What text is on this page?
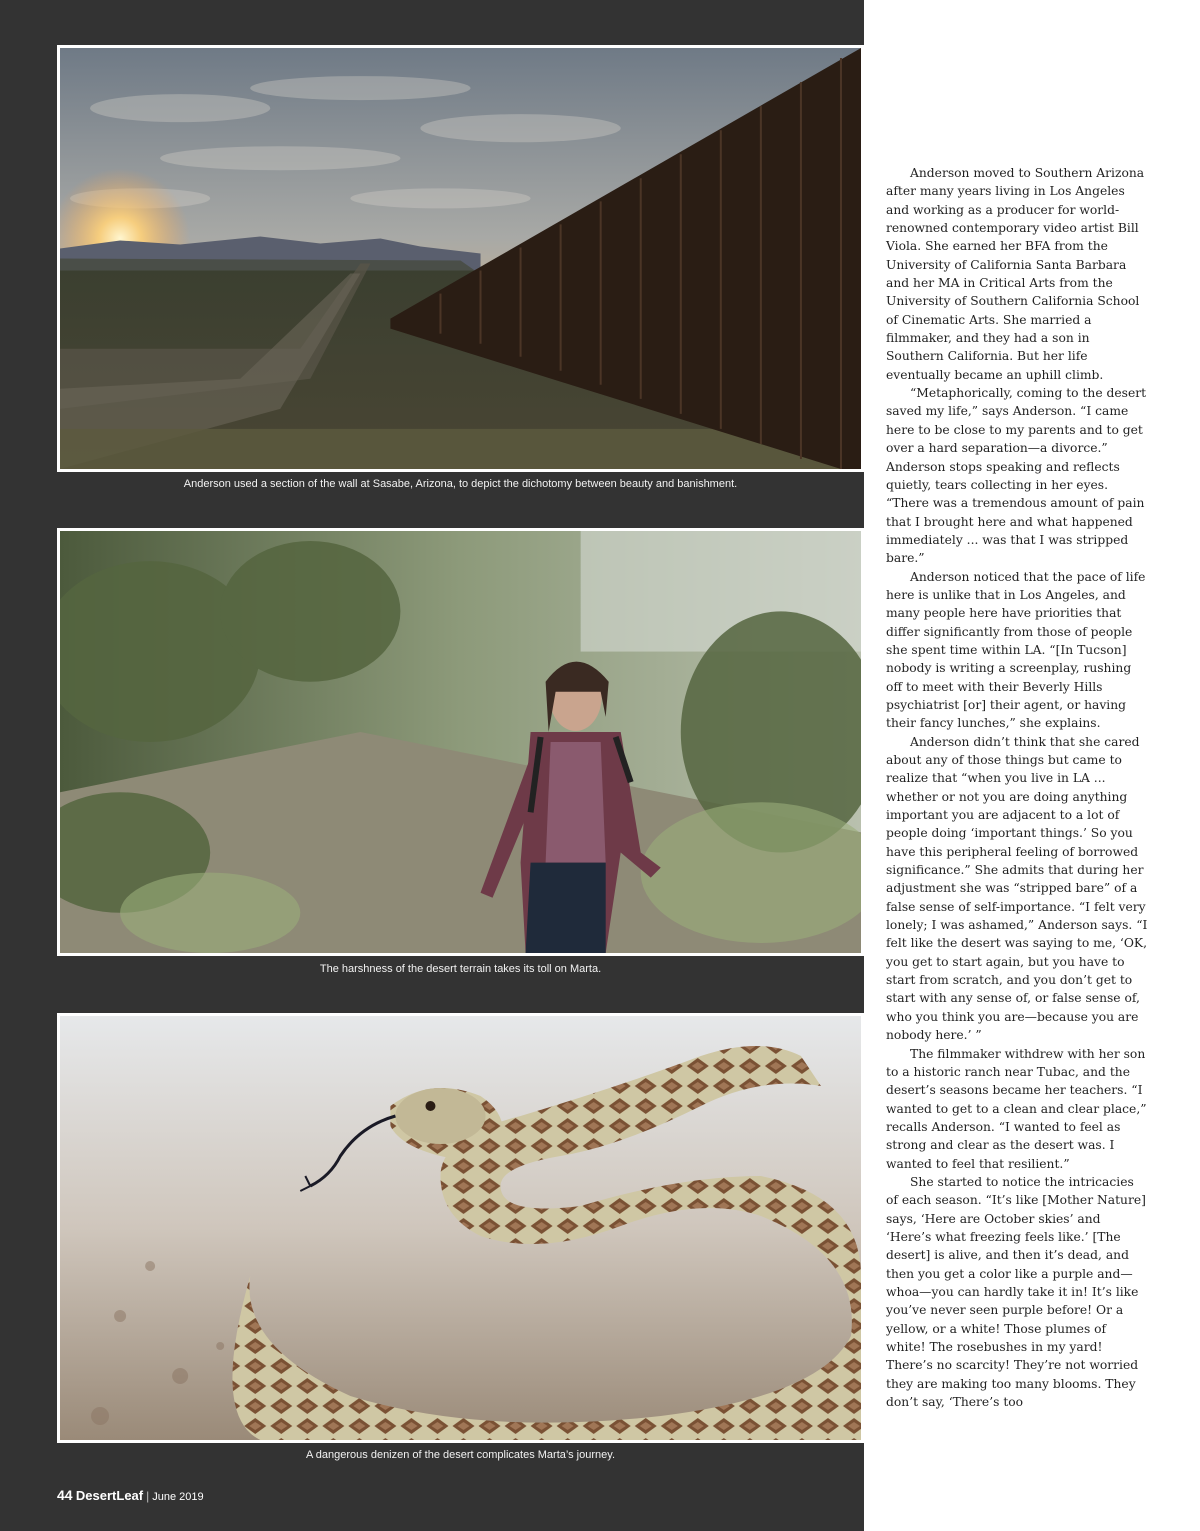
Anderson used a section of the wall at Sasabe, Arizona, to depict the dichotomy between beauty and banishment.
The harshness of the desert terrain takes its toll on Marta.
A dangerous denizen of the desert complicates Marta’s journey.
44 DesertLeaf | June 2019

Anderson moved to Southern Arizona after many years living in Los Angeles and working as a producer for world-renowned contemporary video artist Bill Viola. She earned her BFA from the University of California Santa Barbara and her MA in Critical Arts from the University of Southern California School of Cinematic Arts. She married a filmmaker, and they had a son in Southern California. But her life eventually became an uphill climb.

“Metaphorically, coming to the desert saved my life,” says Anderson. “I came here to be close to my parents and to get over a hard separation—a divorce.” Anderson stops speaking and reflects quietly, tears collecting in her eyes. “There was a tremendous amount of pain that I brought here and what happened immediately ... was that I was stripped bare.”

Anderson noticed that the pace of life here is unlike that in Los Angeles, and many people here have priorities that differ significantly from those of people she spent time within LA. “[In Tucson] nobody is writing a screenplay, rushing off to meet with their Beverly Hills psychiatrist [or] their agent, or having their fancy lunches,” she explains.

Anderson didn’t think that she cared about any of those things but came to realize that “when you live in LA ... whether or not you are doing anything important you are adjacent to a lot of people doing ‘important things.’ So you have this peripheral feeling of borrowed significance.” She admits that during her adjustment she was “stripped bare” of a false sense of self-importance. “I felt very lonely; I was ashamed,” Anderson says. “I felt like the desert was saying to me, ‘OK, you get to start again, but you have to start from scratch, and you don’t get to start with any sense of, or false sense of, who you think you are—because you are nobody here.’ ”

The filmmaker withdrew with her son to a historic ranch near Tubac, and the desert’s seasons became her teachers. “I wanted to get to a clean and clear place,” recalls Anderson. “I wanted to feel as strong and clear as the desert was. I wanted to feel that resilient.”

She started to notice the intricacies of each season. “It’s like [Mother Nature] says, ‘Here are October skies’ and ‘Here’s what freezing feels like.’ [The desert] is alive, and then it’s dead, and then you get a color like a purple and—whoa—you can hardly take it in! It’s like you’ve never seen purple before! Or a yellow, or a white! Those plumes of white! The rosebushes in my yard! There’s no scarcity! They’re not worried they are making too many blooms. They don’t say, ‘There’s too
